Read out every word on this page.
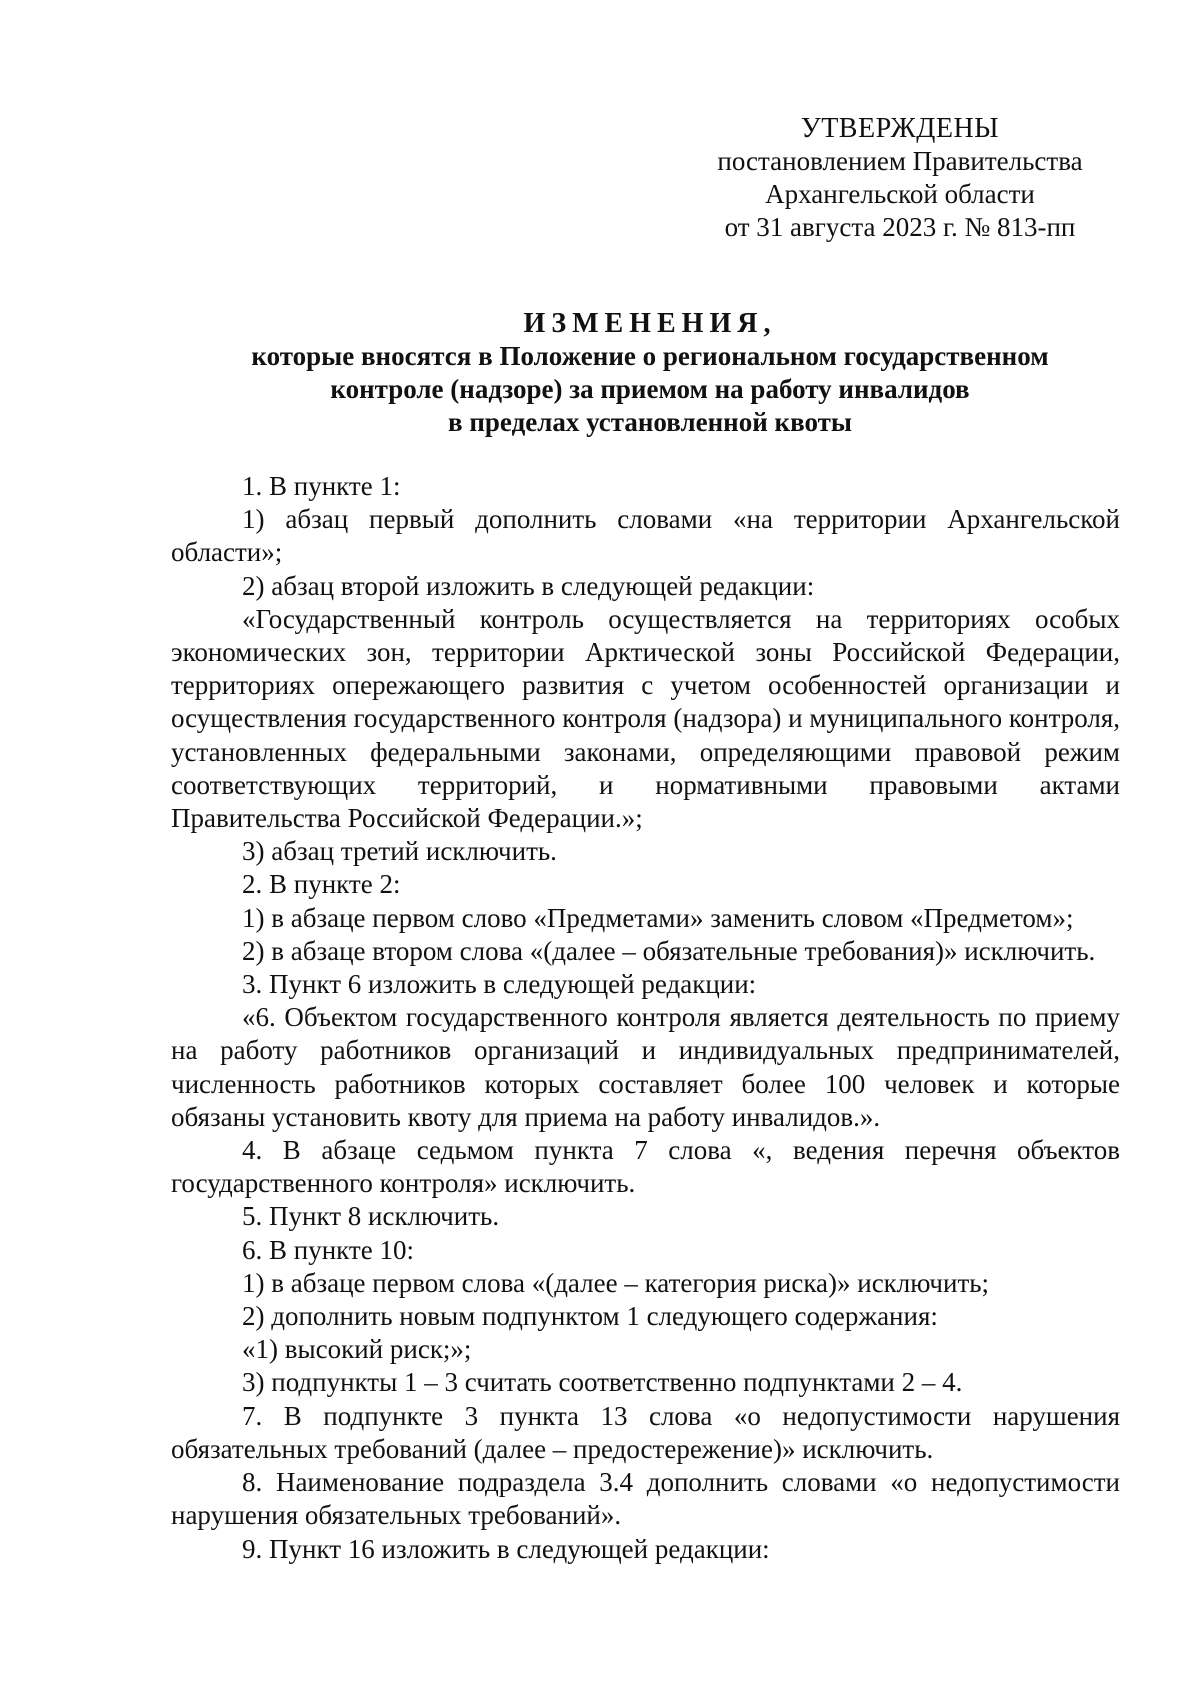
УТВЕРЖДЕНЫ
постановлением Правительства
Архангельской области
от 31 августа 2023 г. № 813-пп
ИЗМЕНЕНИЯ,
которые вносятся в Положение о региональном государственном
контроле (надзоре) за приемом на работу инвалидов
в пределах установленной квоты

1. В пункте 1:

1) абзац первый дополнить словами «на территории Архангельской области»;

2) абзац второй изложить в следующей редакции:

«Государственный контроль осуществляется на территориях особых экономических зон, территории Арктической зоны Российской Федерации, территориях опережающего развития с учетом особенностей организации и осуществления государственного контроля (надзора) и муниципального контроля, установленных федеральными законами, определяющими правовой режим соответствующих территорий, и нормативными правовыми актами Правительства Российской Федерации.»;

3) абзац третий исключить.

2. В пункте 2:

1) в абзаце первом слово «Предметами» заменить словом «Предметом»;

2) в абзаце втором слова «(далее – обязательные требования)» исключить.

3. Пункт 6 изложить в следующей редакции:

«6. Объектом государственного контроля является деятельность по приему на работу работников организаций и индивидуальных предпринимателей, численность работников которых составляет более 100 человек и которые обязаны установить квоту для приема на работу инвалидов.».

4. В абзаце седьмом пункта 7 слова «, ведения перечня объектов государственного контроля» исключить.

5. Пункт 8 исключить.

6. В пункте 10:

1) в абзаце первом слова «(далее – категория риска)» исключить;

2) дополнить новым подпунктом 1 следующего содержания:

«1) высокий риск;»;

3) подпункты 1 – 3 считать соответственно подпунктами 2 – 4.

7. В подпункте 3 пункта 13 слова «о недопустимости нарушения обязательных требований (далее – предостережение)» исключить.

8. Наименование подраздела 3.4 дополнить словами «о недопустимости нарушения обязательных требований».

9. Пункт 16 изложить в следующей редакции:
